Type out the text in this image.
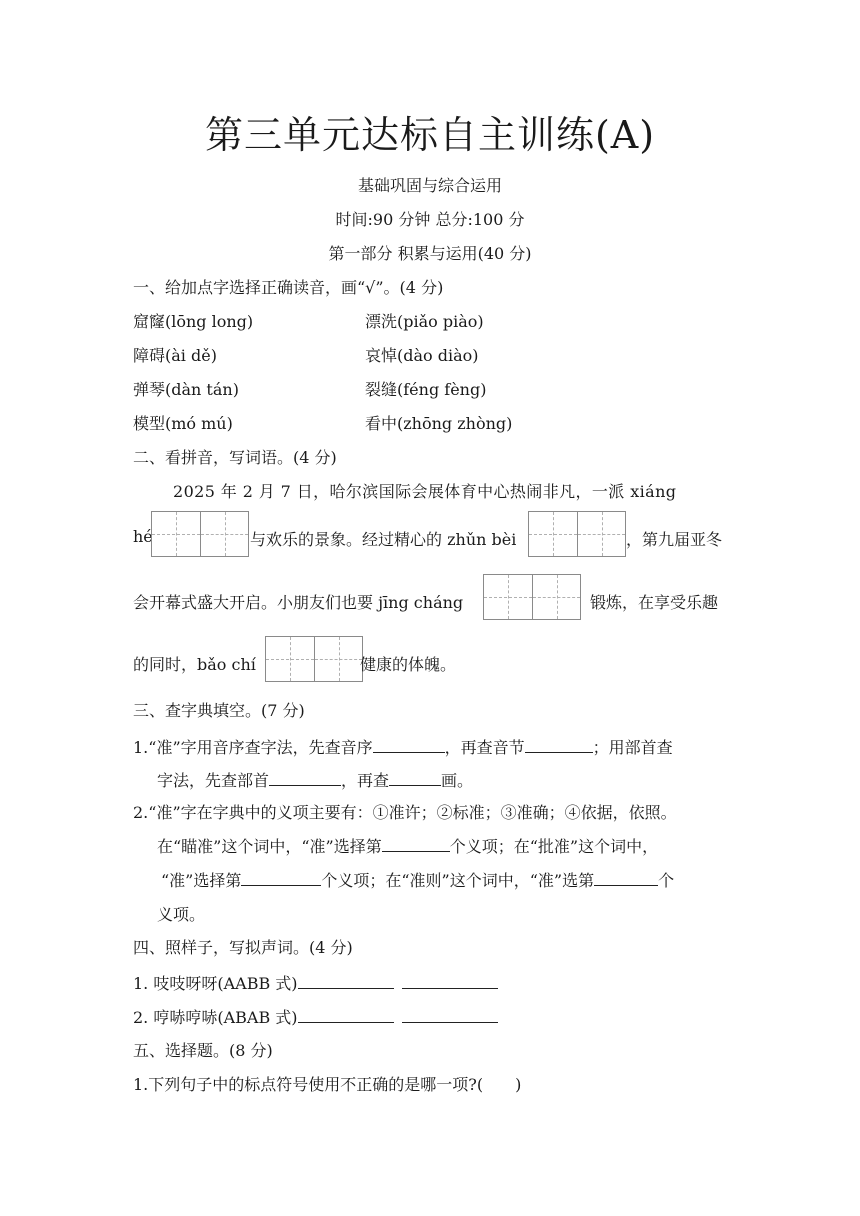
第三单元达标自主训练(A)
基础巩固与综合运用
时间:90 分钟 总分:100 分
第一部分 积累与运用(40 分)
一、给加点字选择正确读音，画“√”。(4 分)
窟窿(lōng long)	漂洗(piǎo piào)
障碍(ài dě)	哀悼(dào diào)
弹琴(dàn tán)	裂缝(féng fèng)
模型(mó mú)	看中(zhōng zhòng)
二、看拼音，写词语。(4 分)
2025 年 2 月 7 日，哈尔滨国际会展体育中心热闹非凡，一派 xiáng
hé	与欢乐的景象。经过精心的 zhǔn bèi	，第九届亚冬
会开幕式盛大开启。小朋友们也要 jīng cháng	锻炼，在享受乐趣
的同时，bǎo chí	健康的体魄。
三、查字典填空。(7 分)
1.“准”字用音序查字法，先查音序	，再查音节	；用部首查
字法，先查部首	，再查	画。
2.“准”字在字典中的义项主要有：①准许；②标准；③准确；④依据，依照。
在“瞄准”这个词中，“准”选择第	个义项；在“批准”这个词中，
“准”选择第	个义项；在“准则”这个词中，“准”选第	个
义项。
四、照样子，写拟声词。(4 分)
1. 吱吱呀呀(AABB 式)
2. 哼哧哼哧(ABAB 式)
五、选择题。(8 分)
1.下列句子中的标点符号使用不正确的是哪一项?(　　)
